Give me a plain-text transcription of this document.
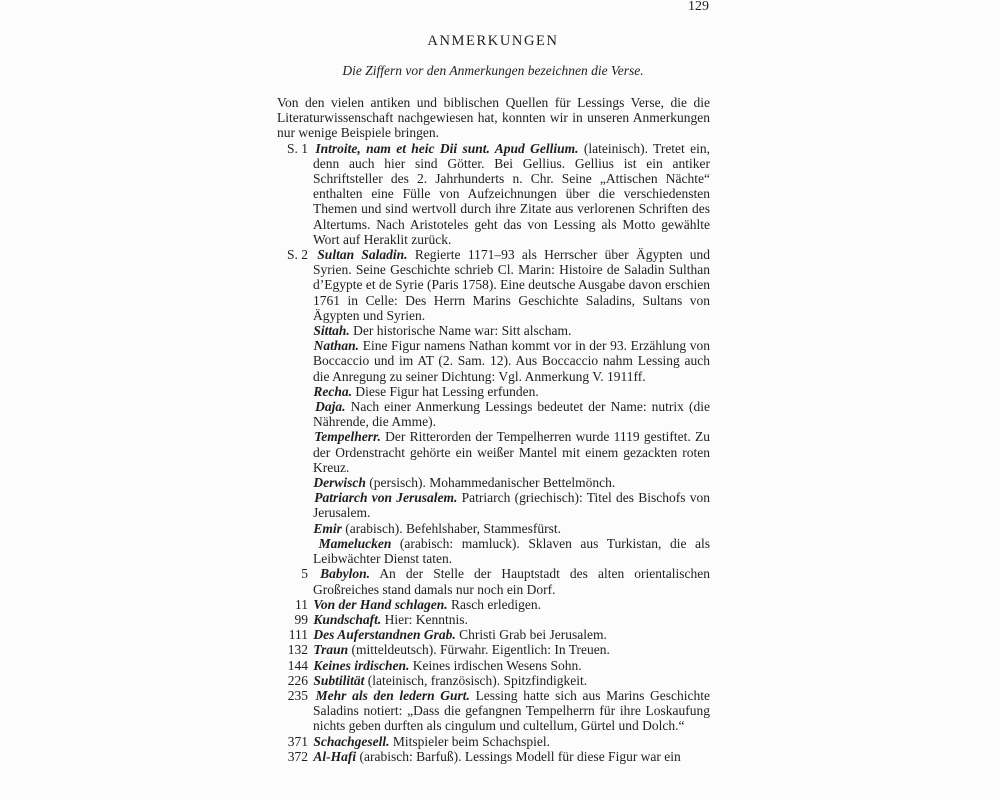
129
ANMERKUNGEN
Die Ziffern vor den Anmerkungen bezeichnen die Verse.

Von den vielen antiken und biblischen Quellen für Lessings Verse, die die Literaturwissenschaft nachgewiesen hat, konnten wir in unseren Anmerkungen nur wenige Beispiele bringen.

S. 1 Introite, nam et heic Dii sunt. Apud Gellium. (lateinisch). Tretet ein, denn auch hier sind Götter. Bei Gellius. Gellius ist ein antiker Schriftsteller des 2. Jahrhunderts n. Chr. Seine „Attischen Nächte“ enthalten eine Fülle von Aufzeichnungen über die verschiedensten Themen und sind wertvoll durch ihre Zitate aus verlorenen Schriften des Altertums. Nach Aristoteles geht das von Lessing als Motto gewählte Wort auf Heraklit zurück.

S. 2 Sultan Saladin. Regierte 1171–93 als Herrscher über Ägypten und Syrien. Seine Geschichte schrieb Cl. Marin: Histoire de Saladin Sulthan d’Egypte et de Syrie (Paris 1758). Eine deutsche Ausgabe davon erschien 1761 in Celle: Des Herrn Marins Geschichte Saladins, Sultans von Ägypten und Syrien.

Sittah. Der historische Name war: Sitt alscham.

Nathan. Eine Figur namens Nathan kommt vor in der 93. Erzählung von Boccaccio und im AT (2. Sam. 12). Aus Boccaccio nahm Lessing auch die Anregung zu seiner Dichtung: Vgl. Anmerkung V. 1911ff.

Recha. Diese Figur hat Lessing erfunden.

Daja. Nach einer Anmerkung Lessings bedeutet der Name: nutrix (die Nährende, die Amme).

Tempelherr. Der Ritterorden der Tempelherren wurde 1119 gestiftet. Zu der Ordenstracht gehörte ein weißer Mantel mit einem gezackten roten Kreuz.

Derwisch (persisch). Mohammedanischer Bettelmönch.

Patriarch von Jerusalem. Patriarch (griechisch): Titel des Bischofs von Jerusalem.

Emir (arabisch). Befehlshaber, Stammesfürst.

Mamelucken (arabisch: mamluck). Sklaven aus Turkistan, die als Leibwächter Dienst taten.

5 Babylon. An der Stelle der Hauptstadt des alten orientalischen Großreiches stand damals nur noch ein Dorf.

11 Von der Hand schlagen. Rasch erledigen.

99 Kundschaft. Hier: Kenntnis.

111 Des Auferstandnen Grab. Christi Grab bei Jerusalem.

132 Traun (mitteldeutsch). Fürwahr. Eigentlich: In Treuen.

144 Keines irdischen. Keines irdischen Wesens Sohn.

226 Subtilität (lateinisch, französisch). Spitzfindigkeit.

235 Mehr als den ledern Gurt. Lessing hatte sich aus Marins Geschichte Saladins notiert: „Dass die gefangnen Tempelherrn für ihre Loskaufung nichts geben durften als cingulum und cultellum, Gürtel und Dolch.“

371 Schachgesell. Mitspieler beim Schachspiel.

372 Al-Hafi (arabisch: Barfuß). Lessings Modell für diese Figur war ein
